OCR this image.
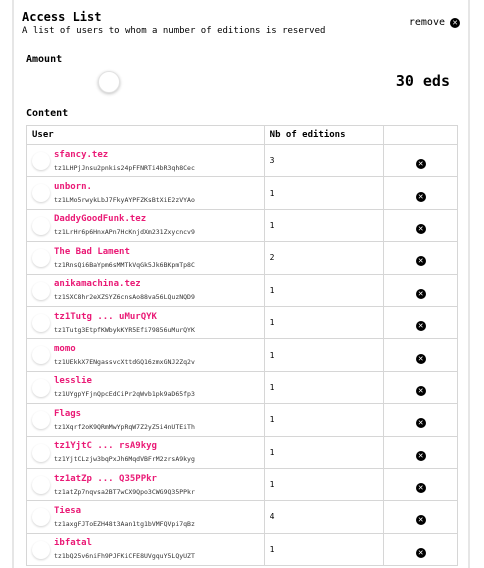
Access List
A list of users to whom a number of editions is reserved
remove ✕
Amount
30 eds
Content
User	Nb of editions	

sfancy.tez
tz1LHPjJnsu2pnkis24pFFNRTi4bR3qh8Cec	3	✕

unborn.
tz1LMo5rwykLbJ7FkyAYPFZKsBtXiE2zVYAo	1	✕

DaddyGoodFunk.tez
tz1LrHr6p6HnxAPn7HcKnjdXm231Zxycncv9	1	✕

The Bad Lament
tz1RnsQi6BaYpm6sMMTkVqGk5Jk6BKpmTp8C	2	✕

anikamachina.tez
tz1SXC8hr2eXZSYZ6cnsAo88va56LQuzNQD9	1	✕

tz1Tutg ... uMurQYK
tz1Tutg3EtpfKWbykKYR5Efi79856uMurQYK	1	✕

momo
tz1UEkkX7ENgassvcXttdGQ16zmxGNJ2Zq2v	1	✕

lesslie
tz1UYgpYFjnQpcEdCiPr2qWvb1pk9aD65fp3	1	✕

Flags
tz1Xqrf2oK9QRmMwYpRqW7Z2yZ5i4nUTEiTh	1	✕

tz1YjtC ... rsA9kyg
tz1YjtCLzjw3bqPxJh6MqdVBFrM2zrsA9kyg	1	✕

tz1atZp ... Q35PPkr
tz1atZp7nqvsa2BT7wCX9Qpo3CWG9Q35PPkr	1	✕

Tiesa
tz1axgFJToEZH48t3Aan1tg1bVMFQVpi7qBz	4	✕

ibfatal
tz1bQ25v6niFh9PJFKiCFE8UVgquY5LQyUZT	1	✕
